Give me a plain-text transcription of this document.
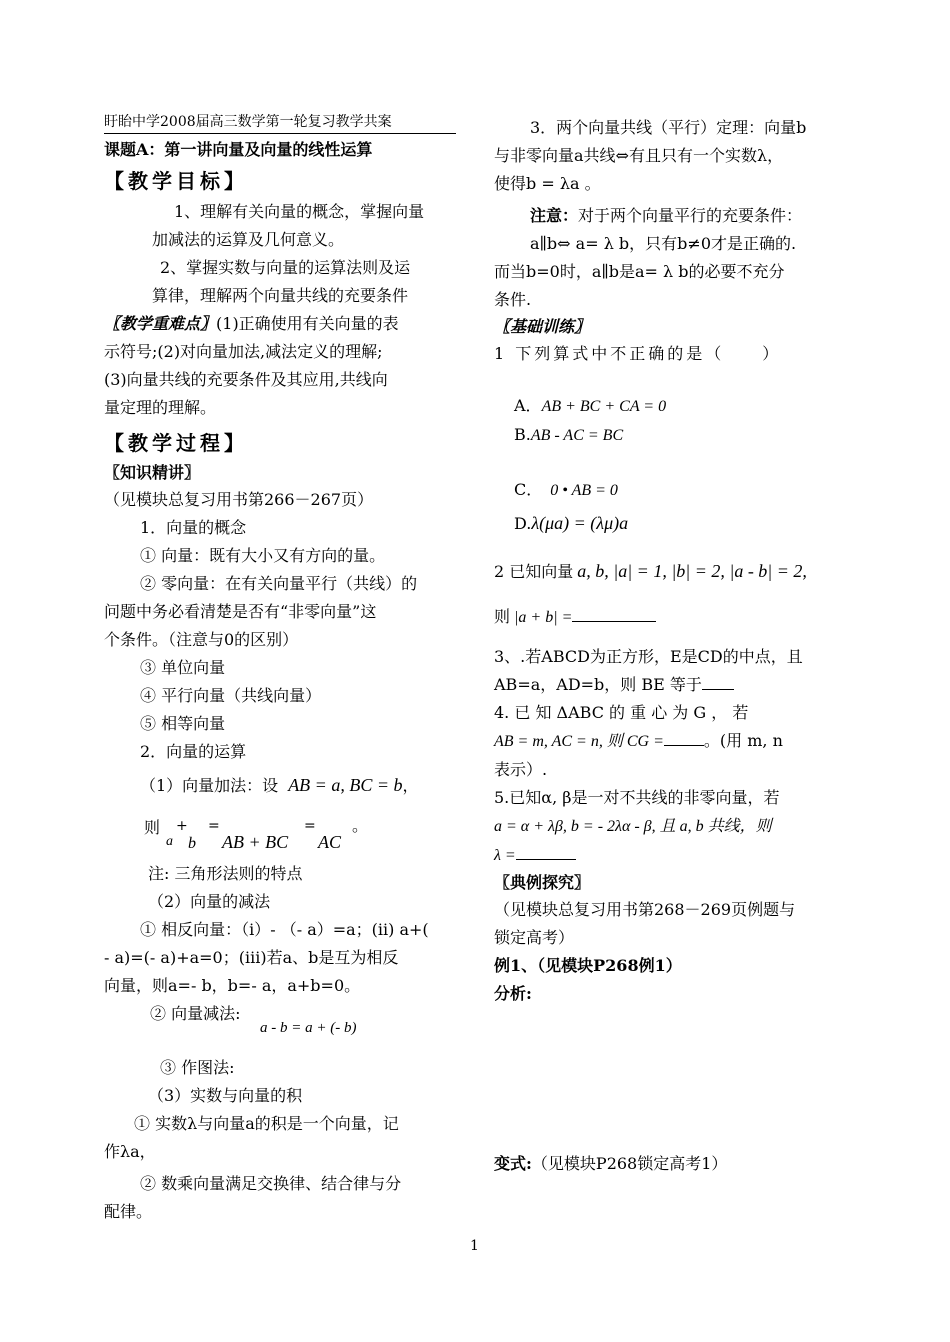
盱眙中学2008届高三数学第一轮复习教学共案
课题A：第一讲向量及向量的线性运算
【教学目标】
1、理解有关向量的概念，掌握向量
加减法的运算及几何意义。
2、掌握实数与向量的运算法则及运
算律，理解两个向量共线的充要条件
〖教学重难点〗(1)正确使用有关向量的表
示符号;(2)对向量加法,减法定义的理解;
(3)向量共线的充要条件及其应用,共线向
量定理的理解。
【教学过程】
〖知识精讲〗
（见模块总复习用书第266－267页）
1．向量的概念
① 向量：既有大小又有方向的量。
② 零向量：在有关向量平行（共线）的
问题中务必看清楚是否有“非零向量”这
个条件。（注意与0的区别）
③ 单位向量
④ 平行向量（共线向量）
⑤ 相等向量
2．向量的运算
（1）向量加法：设 AB = a, BC = b，
则
a
+
b
=
AB + BC
=
AC
。
注: 三角形法则的特点
（2）向量的减法
① 相反向量：（i）- （- a）=a；(ii) a+(
- a)=(- a)+a=0；(iii)若a、b是互为相反
向量，则a=- b，b=- a，a+b=0。
② 向量减法:
a - b = a + (- b)
③ 作图法:
（3）实数与向量的积
① 实数λ与向量a的积是一个向量，记
作λa，
② 数乘向量满足交换律、结合律与分
配律。
3．两个向量共线（平行）定理：向量b
与非零向量a共线⇔有且只有一个实数λ，
使得b = λa 。
注意：对于两个向量平行的充要条件：
a∥b⇔ a= λ b，只有b≠0才是正确的.
而当b=0时，a∥b是a= λ b的必要不充分
条件.
〖基础训练〗
1 下列算式中不正确的是（　　）
A．AB + BC + CA = 0
B.AB - AC = BC
C． 0 • AB = 0
D.λ(μa) = (λμ)a
2 已知向量 a, b, |a| = 1, |b| = 2, |a - b| = 2,
则 |a + b| =
3、.若ABCD为正方形，E是CD的中点，且
AB=a，AD=b，则 BE 等于
4. 已 知 ΔABC 的 重 心 为 G ， 若
AB = m, AC = n, 则 CG =	。(用 m, n
表示）.
5.已知α, β是一对不共线的非零向量，若
a = α + λβ, b = - 2λα - β, 且 a, b 共线，则
λ =
〖典例探究〗
（见模块总复习用书第268－269页例题与
锁定高考）
例1、（见模块P268例1）
分析:
变式:（见模块P268锁定高考1）
1
